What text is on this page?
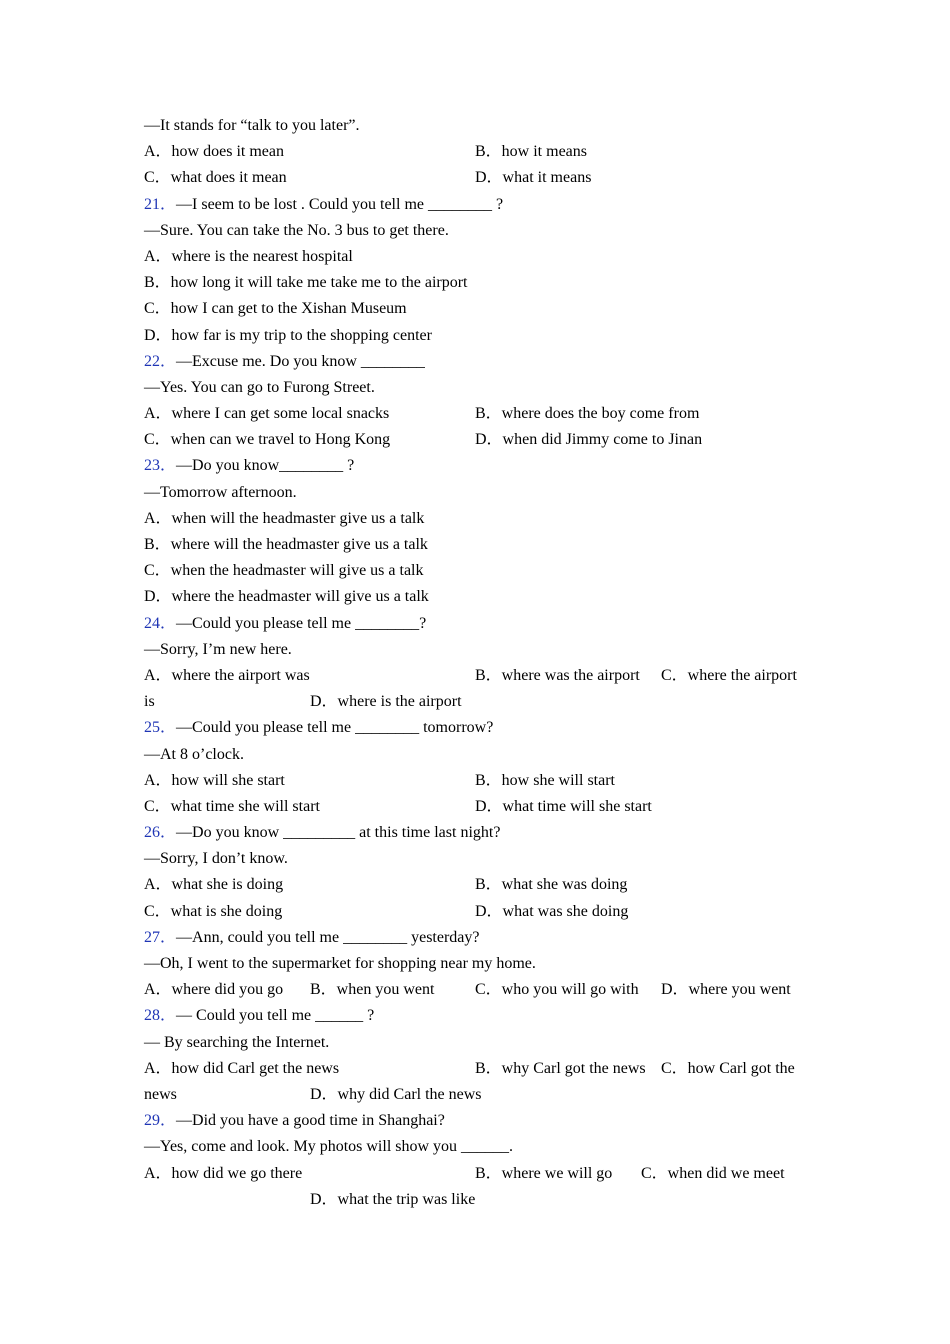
—It stands for “talk to you later”.
A．how does it mean	B．how it means
C．what does it mean	D．what it means
21．—I seem to be lost . Could you tell me ________ ?
—Sure. You can take the No. 3 bus to get there.
A．where is the nearest hospital
B．how long it will take me take me to the airport
C．how I can get to the Xishan Museum
D．how far is my trip to the shopping center
22．—Excuse me. Do you know ________
—Yes. You can go to Furong Street.
A．where I can get some local snacks	B．where does the boy come from
C．when can we travel to Hong Kong	D．when did Jimmy come to Jinan
23．—Do you know________ ?
—Tomorrow afternoon.
A．when will the headmaster give us a talk
B．where will the headmaster give us a talk
C．when the headmaster will give us a talk
D．where the headmaster will give us a talk
24．—Could you please tell me ________?
—Sorry, I’m new here.
A．where the airport was	B．where was the airport C．where the airport
is	D．where is the airport
25．—Could you please tell me ________ tomorrow?
—At 8 o’clock.
A．how will she start	B．how she will start
C．what time she will start	D．what time will she start
26．—Do you know _________ at this time last night?
—Sorry, I don’t know.
A．what she is doing	B．what she was doing
C．what is she doing	D．what was she doing
27．—Ann, could you tell me ________ yesterday?
—Oh, I went to the supermarket for shopping near my home.
A．where did you go B．when you went	C．who you will go with D．where you went
28．— Could you tell me ______ ?
— By searching the Internet.
A．how did Carl get the news	B．why Carl got the news C．how Carl got the
news	D．why did Carl the news
29．—Did you have a good time in Shanghai?
—Yes, come and look. My photos will show you ______.
A．how did we go there	B．where we will go C．when did we meet
D．what the trip was like
